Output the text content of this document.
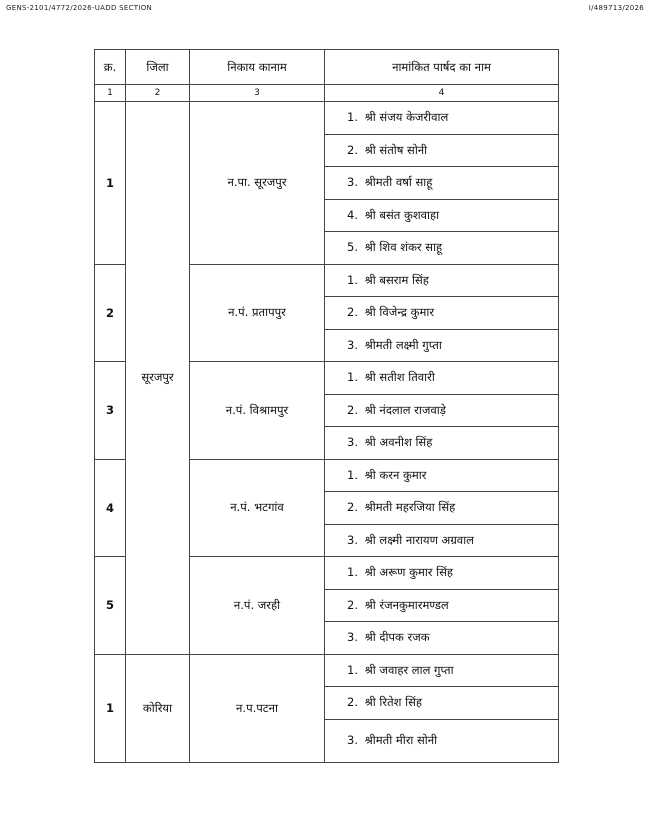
GENS-2101/4772/2026-UADD SECTION	I/489713/2026
क्र.	जिला	निकाय कानाम	नामांकित पार्षद का नाम
1	2	3	4
1	सूरजपुर	न.पा. सूरजपुर	1. श्री संजय केजरीवाल
			2. श्री संतोष सोनी
			3. श्रीमती वर्षा साहू
			4. श्री बसंत कुशवाहा
			5. श्री शिव शंकर साहू
2		न.पं. प्रतापपुर	1. श्री बसराम सिंह
			2. श्री विजेन्द्र कुमार
			3. श्रीमती लक्ष्मी गुप्ता
3		न.पं. विश्रामपुर	1. श्री सतीश तिवारी
			2. श्री नंदलाल राजवाड़े
			3. श्री अवनीश सिंह
4		न.पं. भटगांव	1. श्री करन कुमार
			2. श्रीमती महरजिया सिंह
			3. श्री लक्ष्मी नारायण अग्रवाल
5		न.पं. जरही	1. श्री अरूण कुमार सिंह
			2. श्री रंजनकुमारमण्डल
			3. श्री दीपक रजक
1	कोरिया	न.प.पटना	1. श्री जवाहर लाल गुप्ता
			2. श्री रितेश सिंह
			3. श्रीमती मीरा सोनी
